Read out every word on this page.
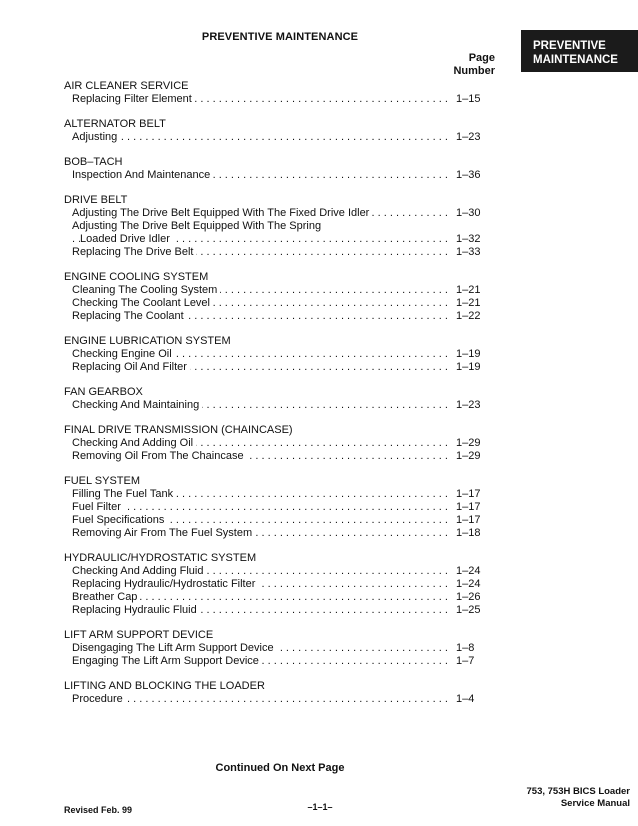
PREVENTIVE MAINTENANCE
PREVENTIVE
MAINTENANCE
Page
Number
AIR CLEANER SERVICE
. . .
Replacing Filter Element	1–15
ALTERNATOR BELT
. . .
Adjusting	1–23
BOB–TACH
. . .
Inspection And Maintenance	1–36
DRIVE BELT
. . .
Adjusting The Drive Belt Equipped With The Fixed Drive Idler	1–30
Adjusting The Drive Belt Equipped With The Spring
. . .
Loaded Drive Idler	1–32
. . .
Replacing The Drive Belt	1–33
ENGINE COOLING SYSTEM
. . .
Cleaning The Cooling System	1–21
. . .
Checking The Coolant Level	1–21
. . .
Replacing The Coolant	1–22
ENGINE LUBRICATION SYSTEM
. . .
Checking Engine Oil	1–19
. . .
Replacing Oil And Filter	1–19
FAN GEARBOX
. . .
Checking And Maintaining	1–23
FINAL DRIVE TRANSMISSION (CHAINCASE)
. . .
Checking And Adding Oil	1–29
. . .
Removing Oil From The Chaincase	1–29
FUEL SYSTEM
. . .
Filling The Fuel Tank	1–17
. . .
Fuel Filter	1–17
. . .
Fuel Specifications	1–17
. . .
Removing Air From The Fuel System	1–18
HYDRAULIC/HYDROSTATIC SYSTEM
. . .
Checking And Adding Fluid	1–24
. . .
Replacing Hydraulic/Hydrostatic Filter	1–24
. . .
Breather Cap	1–26
. . .
Replacing Hydraulic Fluid	1–25
LIFT ARM SUPPORT DEVICE
. . .
Disengaging The Lift Arm Support Device	1–8
. . .
Engaging The Lift Arm Support Device	1–7
LIFTING AND BLOCKING THE LOADER
. . .
Procedure	1–4
Continued On Next Page
Revised Feb. 99	–1–1–
753, 753H BICS Loader
Service Manual
